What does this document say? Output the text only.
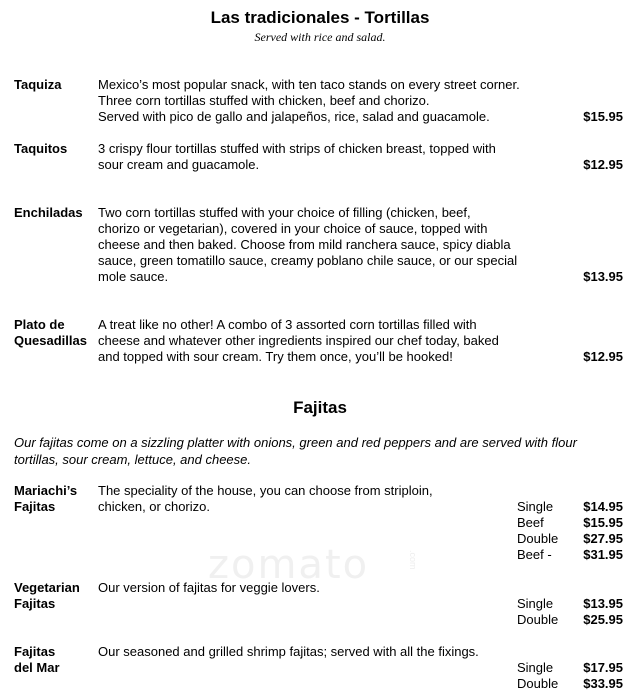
zomato	.com
Las tradicionales - Tortillas
Served with rice and salad.
Taquiza	Mexico’s most popular snack, with ten taco stands on every street corner.
Three corn tortillas stuffed with chicken, beef and chorizo.
Served with pico de gallo and jalapeños, rice, salad and guacamole.	$15.95
Taquitos	3 crispy flour tortillas stuffed with strips of chicken breast, topped with
sour cream and guacamole.	$12.95
Enchiladas	Two corn tortillas stuffed with your choice of filling (chicken, beef,
chorizo or vegetarian), covered in your choice of sauce, topped with
cheese and then baked. Choose from mild ranchera sauce, spicy diabla
sauce, green tomatillo sauce, creamy poblano chile sauce, or our special
mole sauce.	$13.95
Plato de
Quesadillas
A treat like no other! A combo of 3 assorted corn tortillas filled with
cheese and whatever other ingredients inspired our chef today, baked
and topped with sour cream. Try them once, you’ll be hooked!	$12.95
Fajitas
Our fajitas come on a sizzling platter with onions, green and red peppers and are served with flour
tortillas, sour cream, lettuce, and cheese.
Mariachi’s
Fajitas
The speciality of the house, you can choose from striploin,
chicken, or chorizo.	Single $14.95
Beef	$15.95
Double $27.95
Beef - $31.95
Vegetarian
Fajitas
Our version of fajitas for veggie lovers.
Single $13.95
Double $25.95
Fajitas
del Mar
Our seasoned and grilled shrimp fajitas; served with all the fixings.
Single $17.95
Double $33.95
